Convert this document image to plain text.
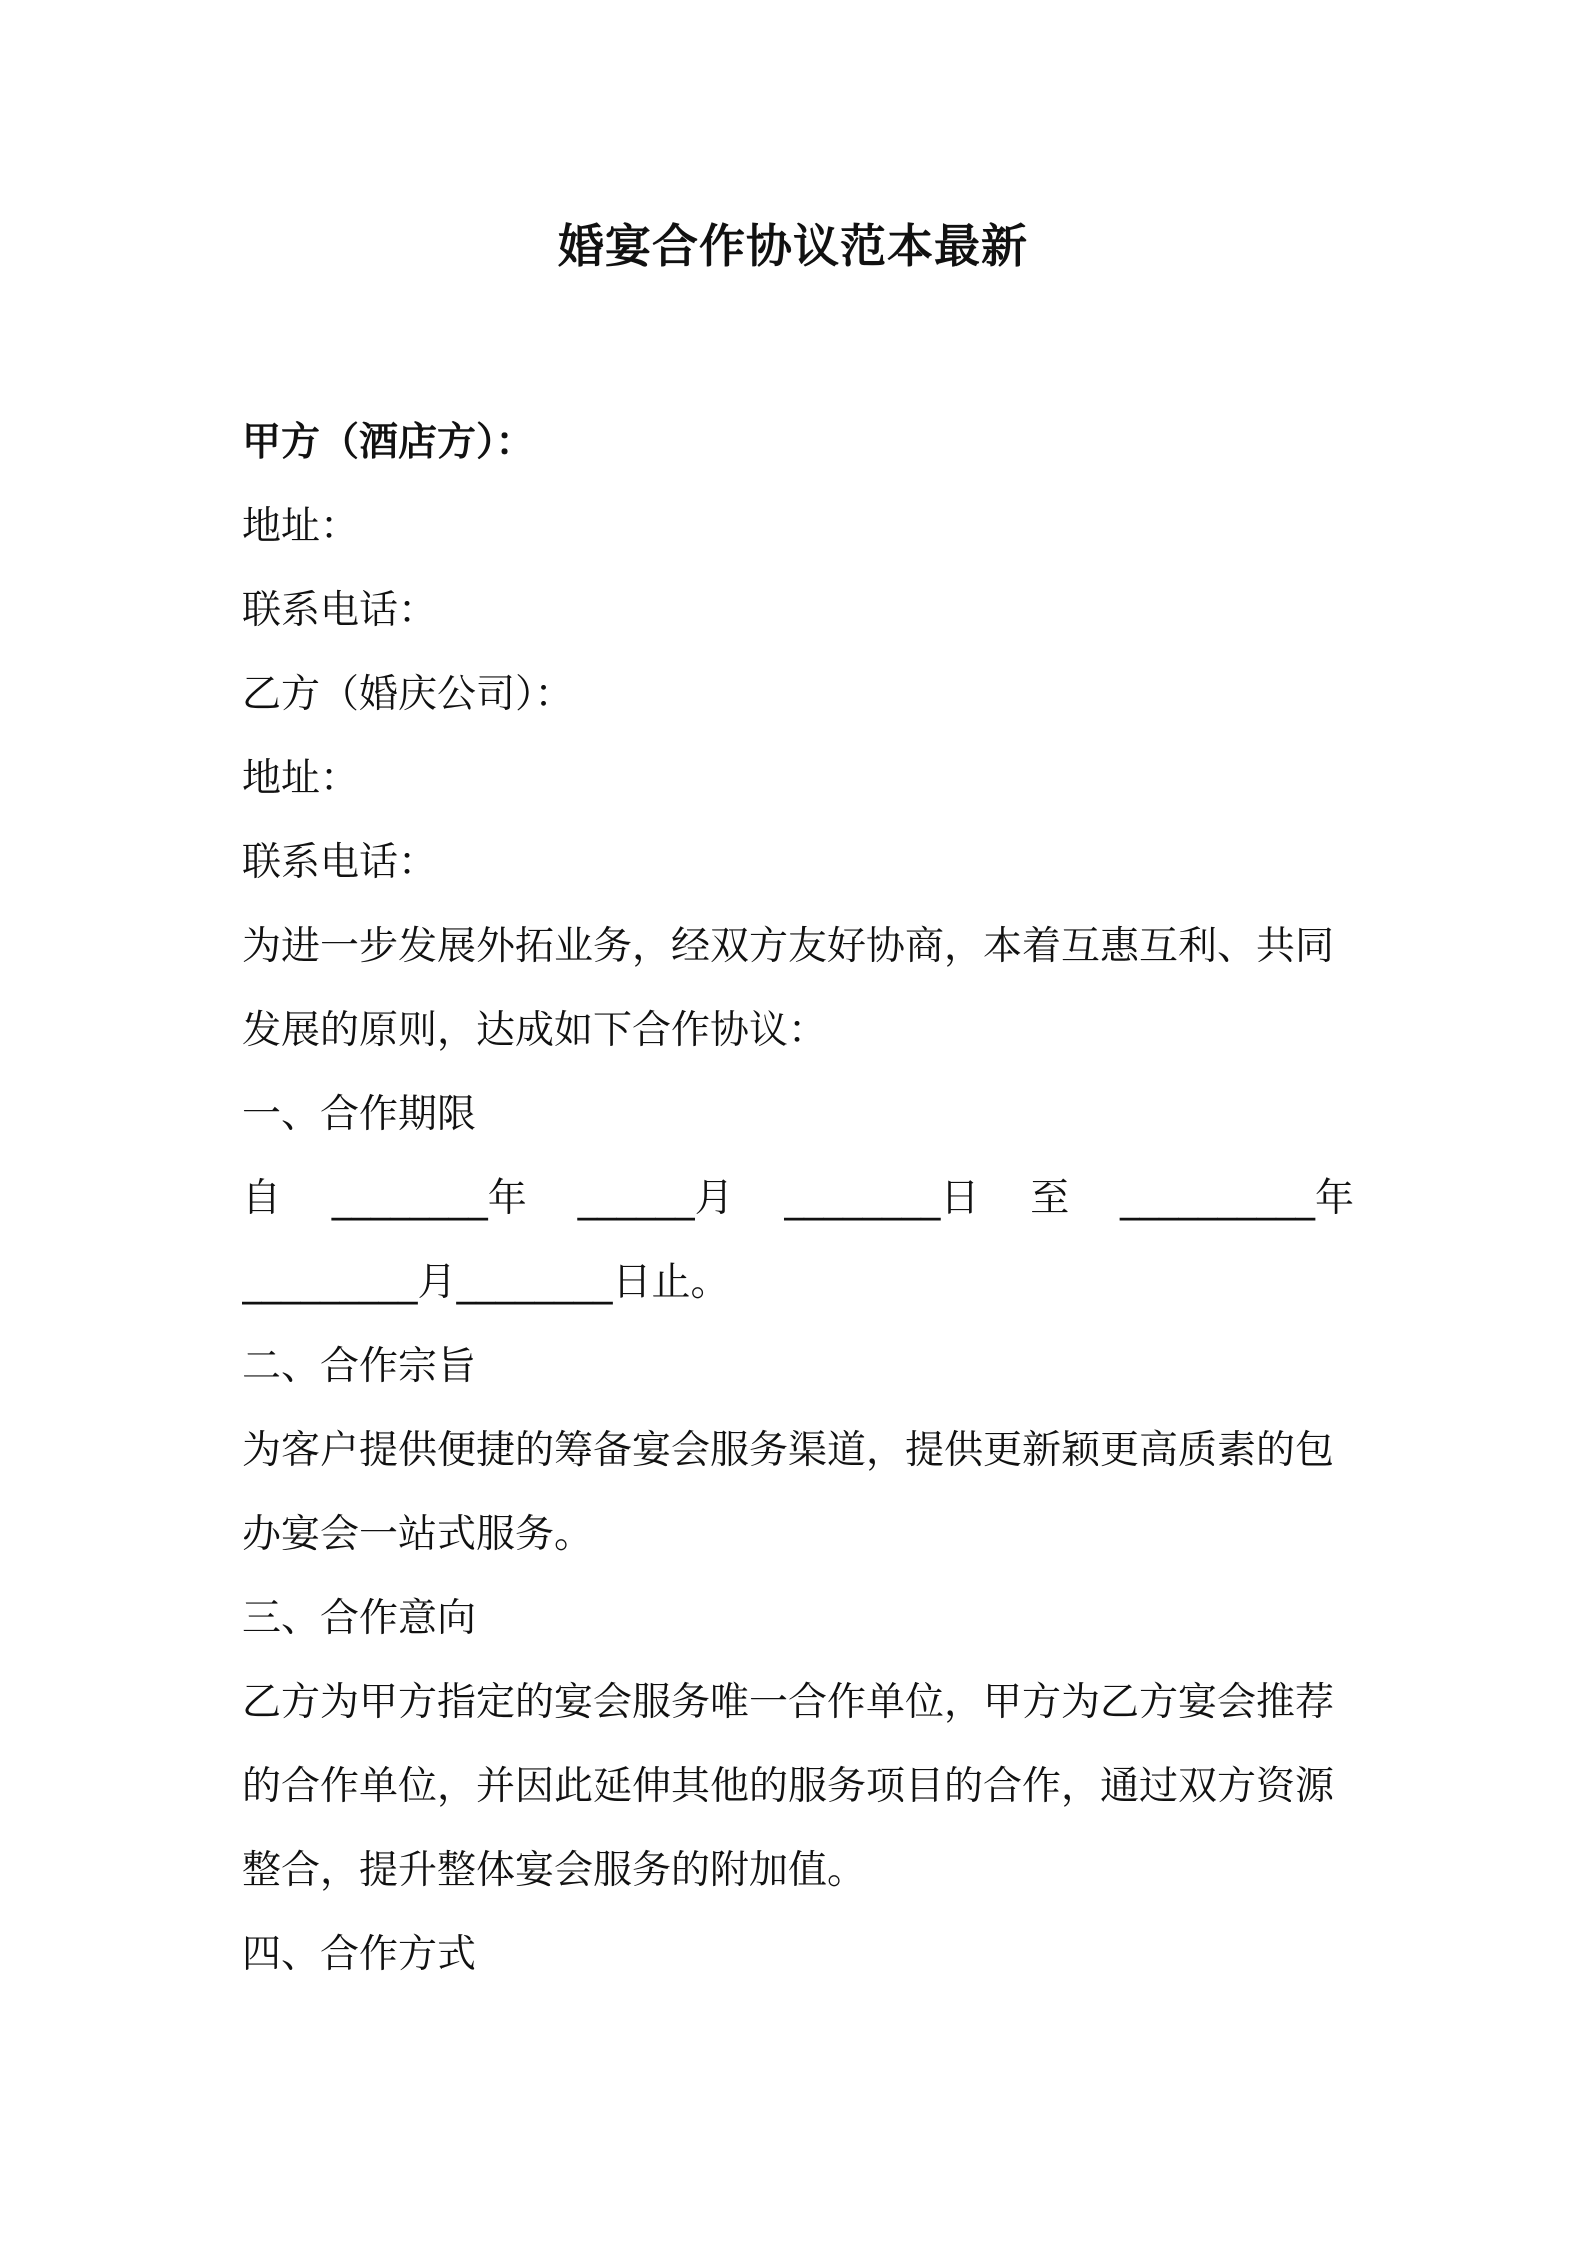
婚宴合作协议范本最新
甲方（酒店方）：
地址：
联系电话：
乙方（婚庆公司）：
地址：
联系电话：
为进一步发展外拓业务，经双方友好协商，本着互惠互利、共同
发展的原则，达成如下合作协议：
一、合作期限
自 ________年 ______月 ________日 至 __________年
_________月________日止。
二、合作宗旨
为客户提供便捷的筹备宴会服务渠道，提供更新颖更高质素的包
办宴会一站式服务。
三、合作意向
乙方为甲方指定的宴会服务唯一合作单位，甲方为乙方宴会推荐
的合作单位，并因此延伸其他的服务项目的合作，通过双方资源
整合，提升整体宴会服务的附加值。
四、合作方式
